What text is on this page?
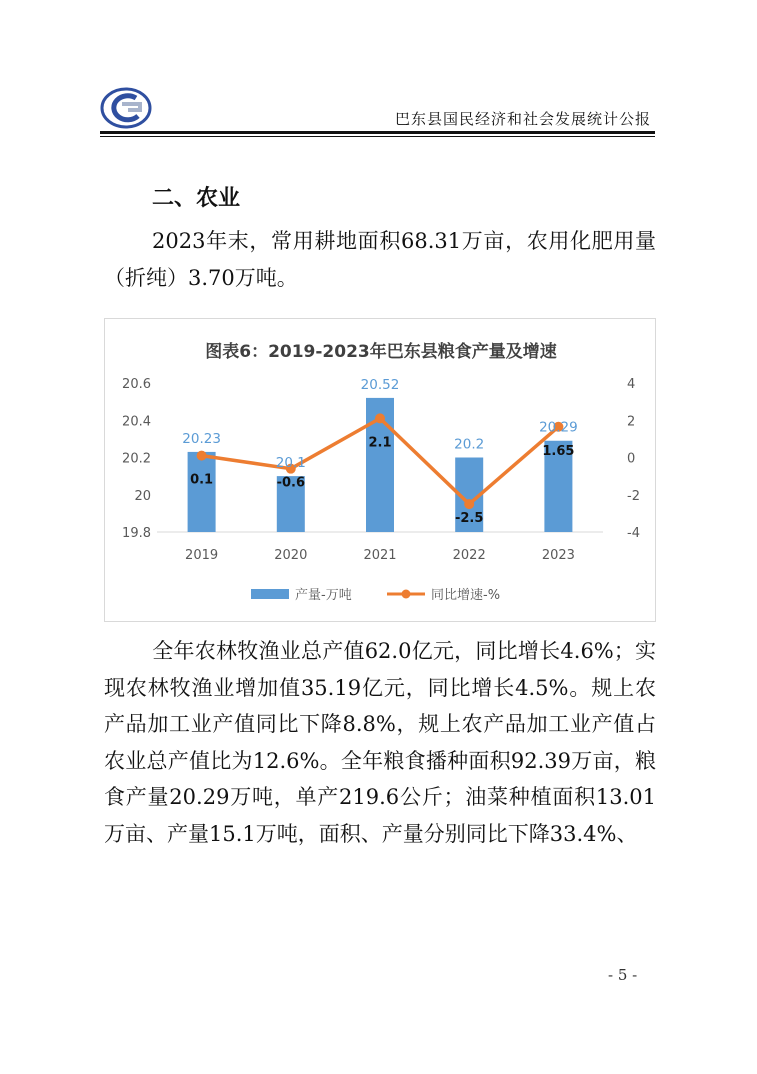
巴东县国民经济和社会发展统计公报
二、农业
2023年末，常用耕地面积68.31万亩，农用化肥用量（折纯）3.70万吨。
图表6：2019-2023年巴东县粮食产量及增速
20.6
20.4
20.2
20
19.8
4
2
0
-2
-4
2019	2020	2021	2022	2023
20.23
20.1
20.52
20.2
20.29
0.1	-0.6
2.1
-2.5
1.65
产量-万吨	同比增速-%
全年农林牧渔业总产值62.0亿元，同比增长4.6%；实现农林牧渔业增加值35.19亿元，同比增长4.5%。规上农产品加工业产值同比下降8.8%，规上农产品加工业产值占农业总产值比为12.6%。全年粮食播种面积92.39万亩，粮食产量20.29万吨，单产219.6公斤；油菜种植面积13.01万亩、产量15.1万吨，面积、产量分别同比下降33.4%、
- 5 -
